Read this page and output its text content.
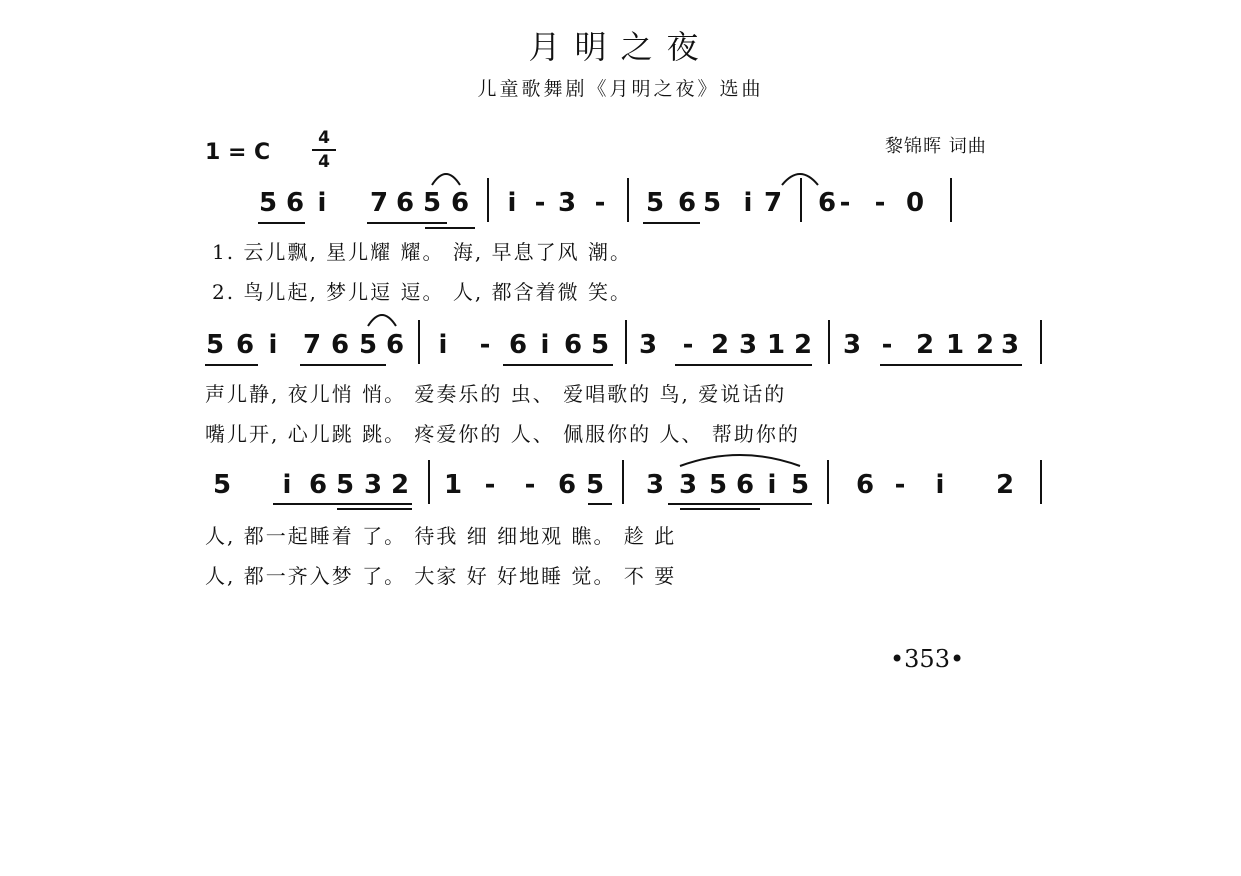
月明之夜
儿童歌舞剧《月明之夜》选曲
1 = C
4
4
黎锦晖 词曲
5 6 i	7 6 5 6	i - 3 - 5 6 5 i 7 6 - - 0
1. 云儿飘, 星儿耀 耀。 海, 早息了风 潮。
2. 鸟儿起, 梦儿逗 逗。 人, 都含着微 笑。
5 6 i 7 6 5 6	i	- 6 i 6 5 3 - 2 3 1 2 3 - 2 1 2 3
声儿静, 夜儿悄 悄。 爱奏乐的 虫、 爱唱歌的 鸟, 爱说话的
嘴儿开, 心儿跳 跳。 疼爱你的 人、 佩服你的 人、 帮助你的
5	i 6 5 3 2 1 - - 6 5 3 3 5 6 i 5 6 -	i	2
人, 都一起睡着 了。 待我 细 细地观 瞧。 趁 此
人, 都一齐入梦 了。 大家 好 好地睡 觉。 不 要
•353•
